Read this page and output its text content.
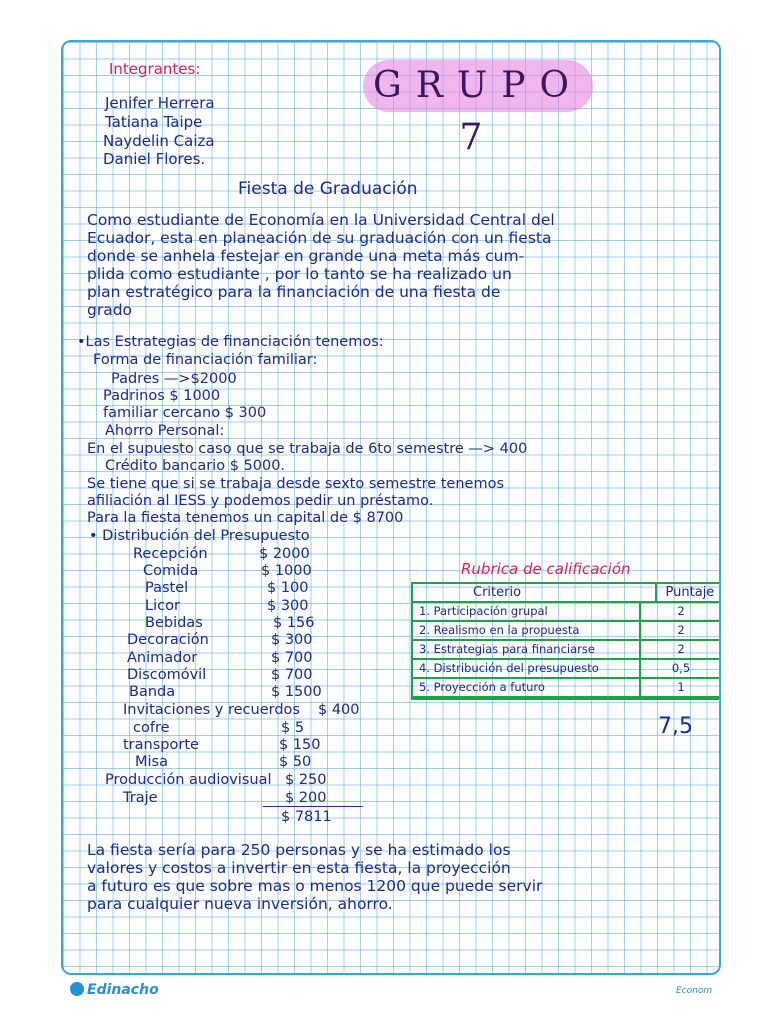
Integrantes:
Jenifer Herrera
Tatiana Taipe
Naydelin Caiza
Daniel Flores.
GRUPO 7
Fiesta de Graduación
Como estudiante de Economía en la Universidad Central del
Ecuador, esta en planeación de su graduación con un fiesta
donde se anhela festejar en grande una meta más cum-
plida como estudiante , por lo tanto se ha realizado un
plan estratégico para la financiación de una fiesta de
grado
•Las Estrategias de financiación tenemos:
Forma de financiación familiar:
Padres —>$2000
Padrinos $ 1000
familiar cercano $ 300
Ahorro Personal:
En el supuesto caso que se trabaja de 6to semestre —> 400
Crédito bancario $ 5000.
Se tiene que si se trabaja desde sexto semestre tenemos
afiliación al IESS y podemos pedir un préstamo.
Para la fiesta tenemos un capital de $ 8700
• Distribución del Presupuesto
Recepción	$ 2000
Comida	$ 1000
Pastel	$ 100
Licor	$ 300
Bebidas	$ 156
Decoración	$ 300
Animador	$ 700
Discomóvil	$ 700
Banda	$ 1500
Invitaciones y recuerdos $ 400
cofre	$ 5
transporte	$ 150
Misa	$ 50
Producción audiovisual $ 250
Traje	$ 200
$ 7811
Rubrica de calificación
Criterio	Puntaje
1. Participación grupal	2
2. Realismo en la propuesta	2
3. Estrategias para financiarse	2
4. Distribución del presupuesto	0,5
5. Proyección a futuro	1
7,5
La fiesta sería para 250 personas y se ha estimado los
valores y costos a invertir en esta fiesta, la proyección
a futuro es que sobre mas o menos 1200 que puede servir
para cualquier nueva inversión, ahorro.
Edinacho	Econom
